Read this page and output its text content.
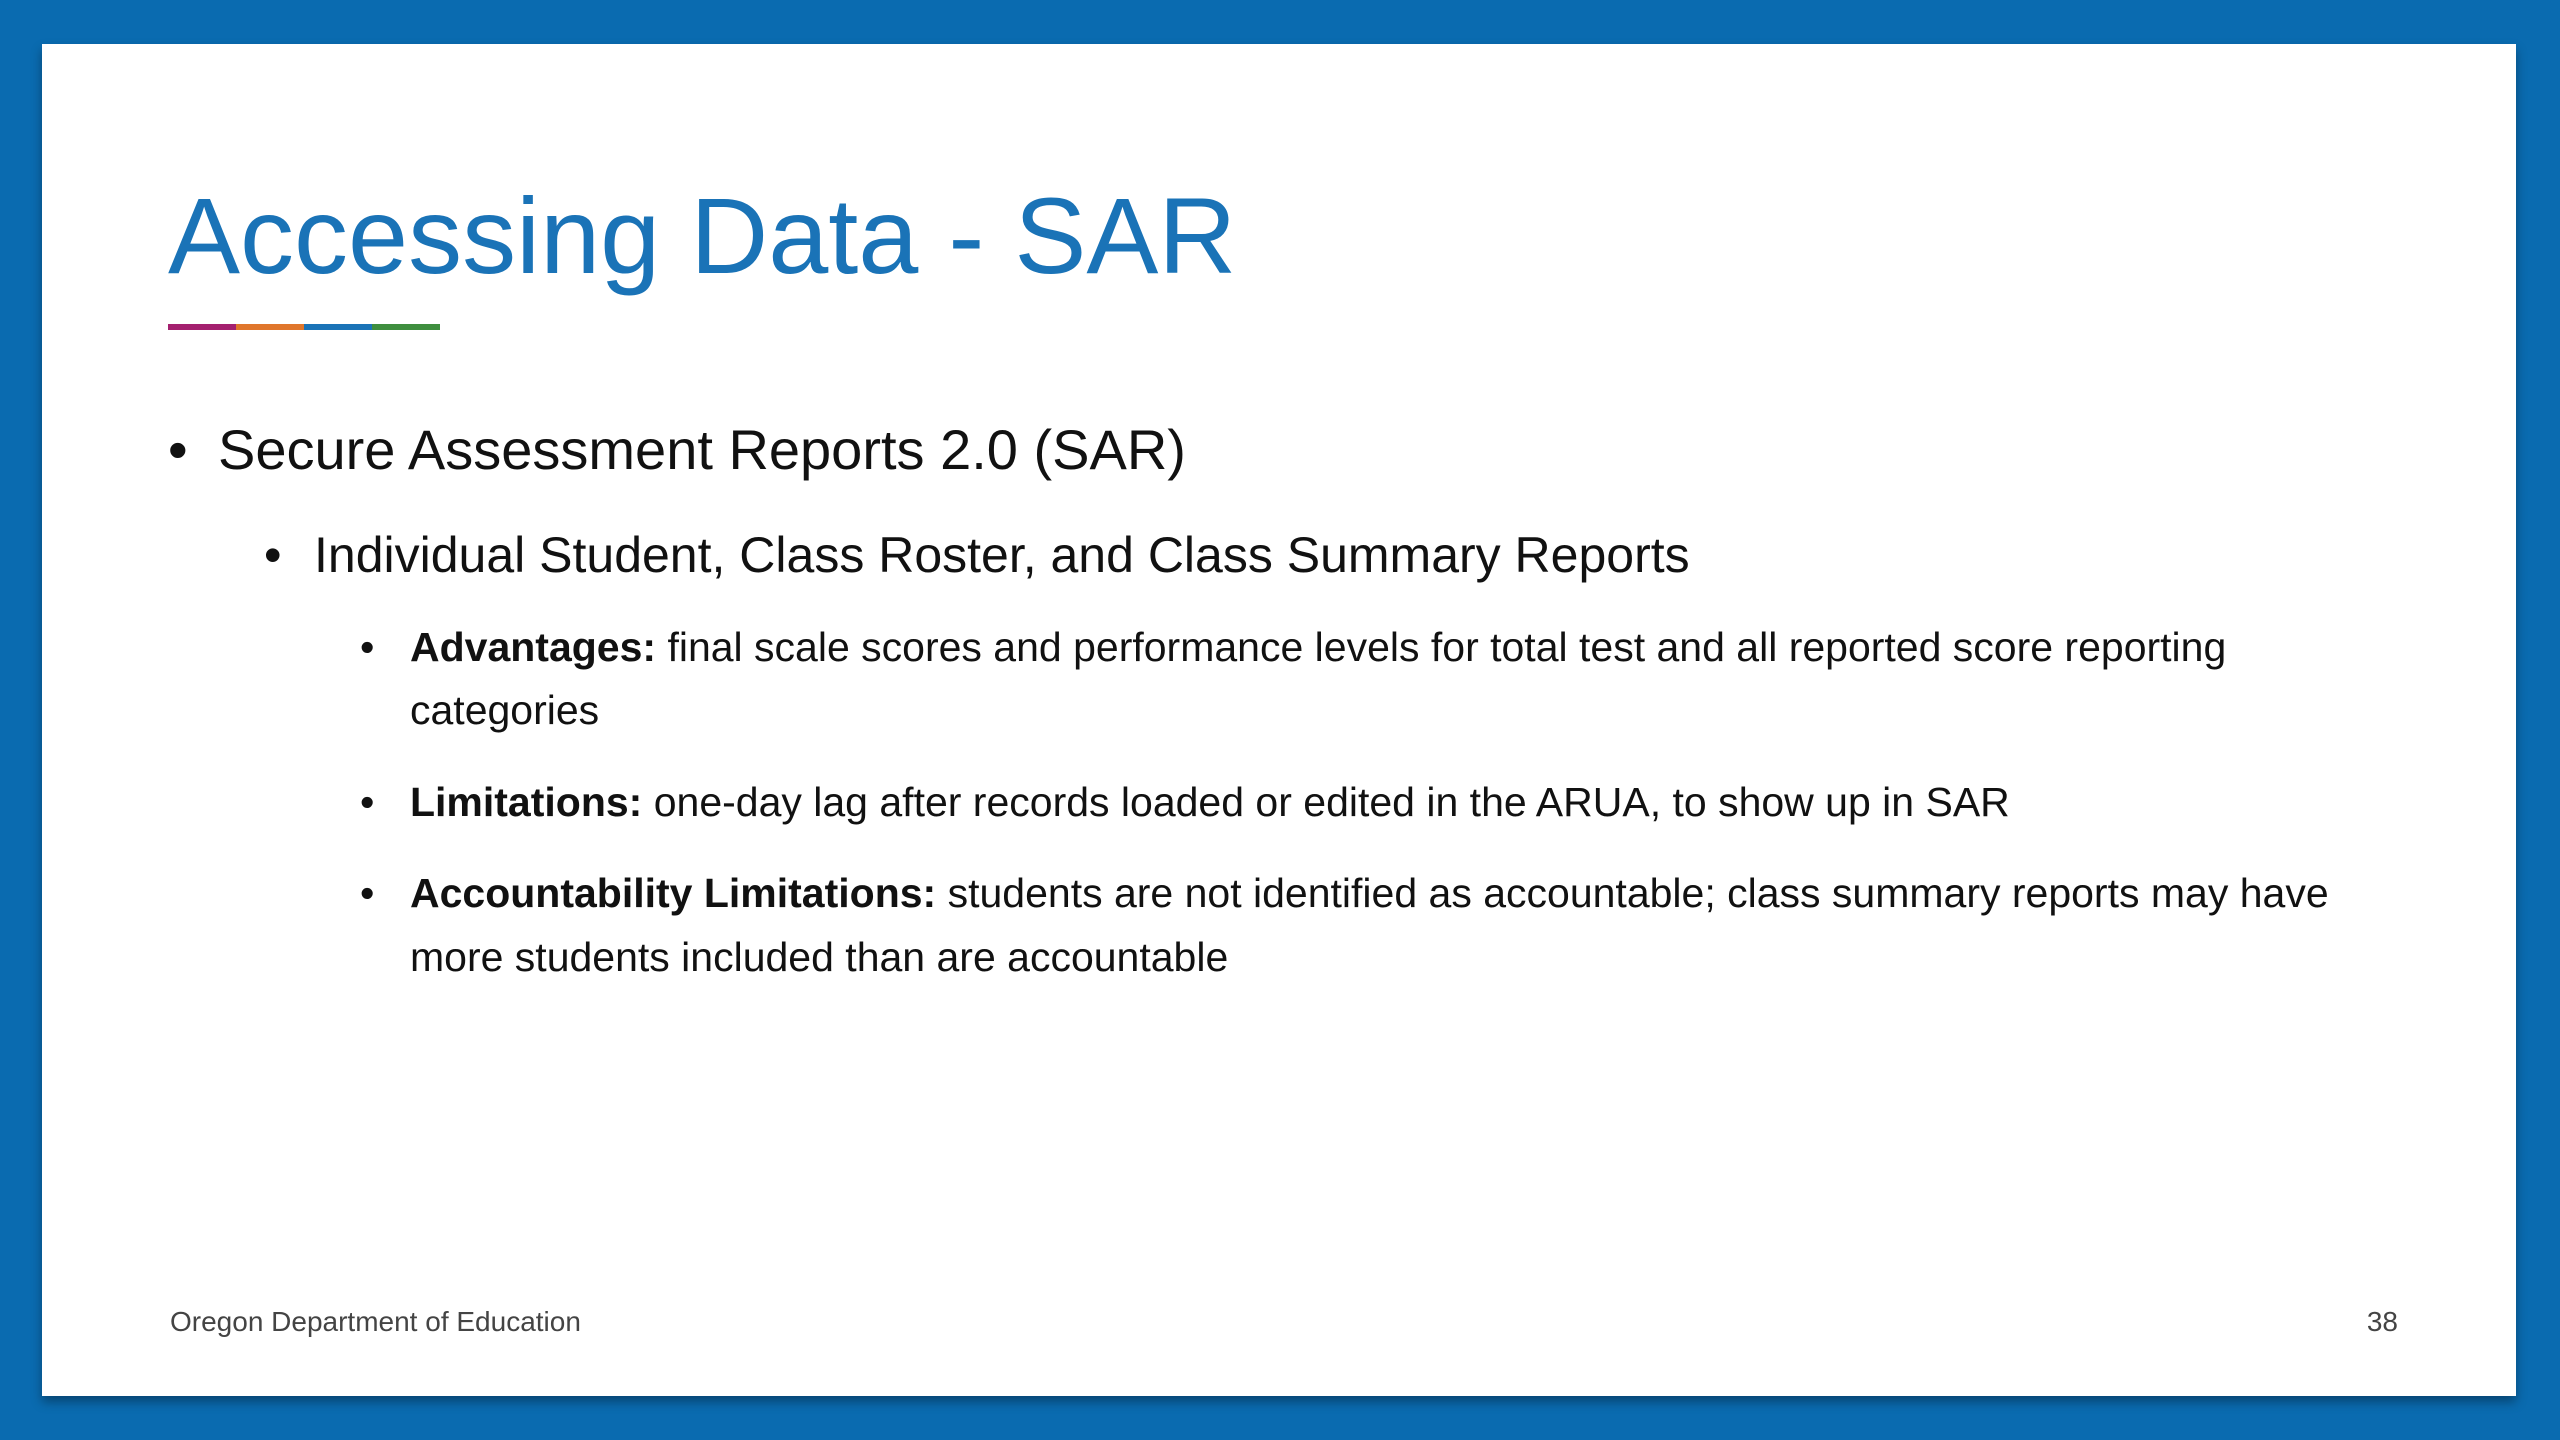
Accessing Data - SAR
• Secure Assessment Reports 2.0 (SAR)
• Individual Student, Class Roster, and Class Summary Reports
• Advantages: final scale scores and performance levels for total test and all reported score reporting categories
• Limitations: one-day lag after records loaded or edited in the ARUA, to show up in SAR
• Accountability Limitations: students are not identified as accountable; class summary reports may have more students included than are accountable
Oregon Department of Education	38
